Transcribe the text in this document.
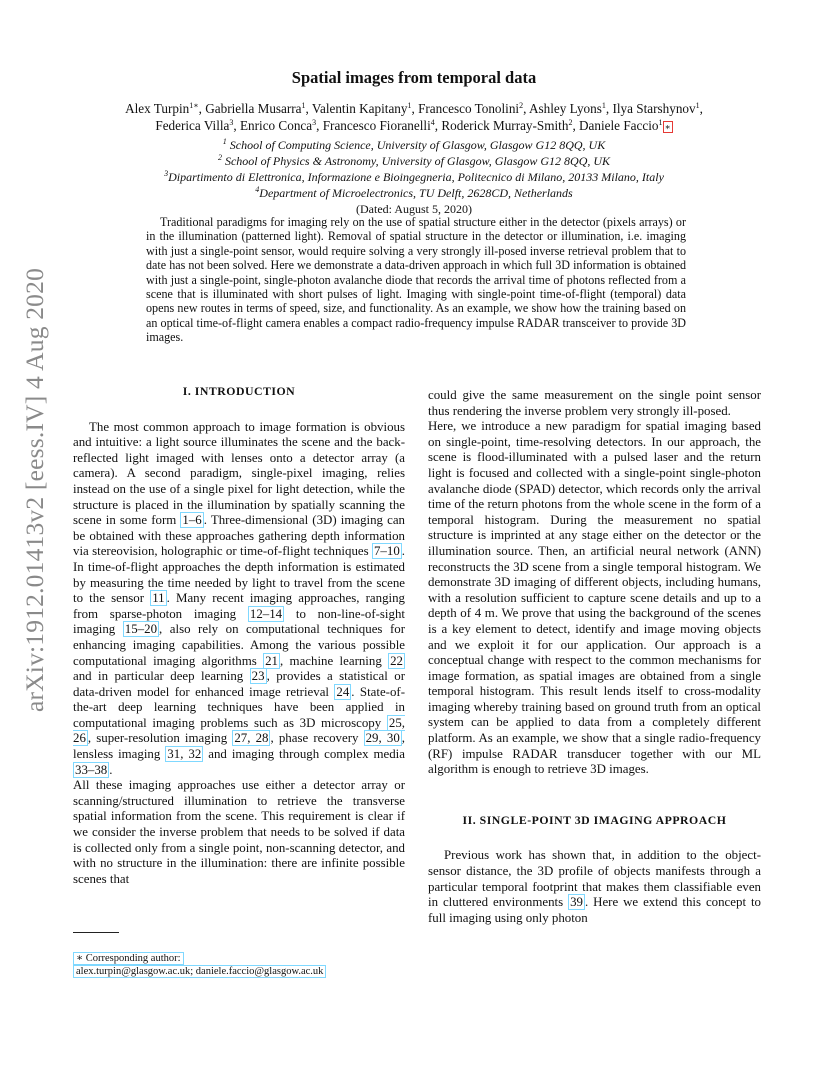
arXiv:1912.01413v2 [eess.IV] 4 Aug 2020
Spatial images from temporal data
Alex Turpin$^{1∗}$, Gabriella Musarra$^1$, Valentin Kapitany$^1$, Francesco Tonolini$^2$, Ashley Lyons$^1$, Ilya Starshynov$^1$,
Federica Villa$^3$, Enrico Conca$^3$, Francesco Fioranelli$^4$, Roderick Murray-Smith$^2$, Daniele Faccio$^1$ ∗
$^1$ School of Computing Science, University of Glasgow, Glasgow G12 8QQ, UK
$^2$ School of Physics & Astronomy, University of Glasgow, Glasgow G12 8QQ, UK
$^3$Dipartimento di Elettronica, Informazione e Bioingegneria, Politecnico di Milano, 20133 Milano, Italy
$^4$Department of Microelectronics, TU Delft, 2628CD, Netherlands
(Dated: August 5, 2020)
Traditional paradigms for imaging rely on the use of spatial structure either in the detector (pixels arrays) or in the illumination (patterned light). Removal of spatial structure in the detector or illumination, i.e. imaging with just a single-point sensor, would require solving a very strongly ill-posed inverse retrieval problem that to date has not been solved. Here we demonstrate a data-driven approach in which full 3D information is obtained with just a single-point, single-photon avalanche diode that records the arrival time of photons reflected from a scene that is illuminated with short pulses of light. Imaging with single-point time-of-flight (temporal) data opens new routes in terms of speed, size, and functionality. As an example, we show how the training based on an optical time-of-flight camera enables a compact radio-frequency impulse RADAR transceiver to provide 3D images.

I. INTRODUCTION

The most common approach to image formation is obvious and intuitive: a light source illuminates the scene and the back-reflected light imaged with lenses onto a detector array (a camera). A second paradigm, single-pixel imaging, relies instead on the use of a single pixel for light detection, while the structure is placed in the illumination by spatially scanning the scene in some form 1–6 . Three-dimensional (3D) imaging can be obtained with these approaches gathering depth information via stereovision, holographic or time-of-flight techniques 7–10 . In time-of-flight approaches the depth information is estimated by measuring the time needed by light to travel from the scene to the sensor 11 . Many recent imaging approaches, ranging from sparse-photon imaging 12–14 to non-line-of-sight imaging 15–20 , also rely on computational techniques for enhancing imaging capabilities. Among the various possible computational imaging algorithms 21 , machine learning 22 and in particular deep learning 23 , provides a statistical or data-driven model for enhanced image retrieval 24 . State-of-the-art deep learning techniques have been applied in computational imaging problems such as 3D microscopy 25, 26 , super-resolution imaging 27, 28 , phase recovery 29, 30 , lensless imaging 31, 32 and imaging through complex media 33–38 .

All these imaging approaches use either a detector array or scanning/structured illumination to retrieve the transverse spatial information from the scene. This requirement is clear if we consider the inverse problem that needs to be solved if data is collected only from a single point, non-scanning detector, and with no structure in the illumination: there are infinite possible scenes that

could give the same measurement on the single point sensor thus rendering the inverse problem very strongly ill-posed.

Here, we introduce a new paradigm for spatial imaging based on single-point, time-resolving detectors. In our approach, the scene is flood-illuminated with a pulsed laser and the return light is focused and collected with a single-point single-photon avalanche diode (SPAD) detector, which records only the arrival time of the return photons from the whole scene in the form of a temporal histogram. During the measurement no spatial structure is imprinted at any stage either on the detector or the illumination source. Then, an artificial neural network (ANN) reconstructs the 3D scene from a single temporal histogram. We demonstrate 3D imaging of different objects, including humans, with a resolution sufficient to capture scene details and up to a depth of 4 m. We prove that using the background of the scenes is a key element to detect, identify and image moving objects and we exploit it for our application. Our approach is a conceptual change with respect to the common mechanisms for image formation, as spatial images are obtained from a single temporal histogram. This result lends itself to cross-modality imaging whereby training based on ground truth from an optical system can be applied to data from a completely different platform. As an example, we show that a single radio-frequency (RF) impulse RADAR transducer together with our ML algorithm is enough to retrieve 3D images.

II. SINGLE-POINT 3D IMAGING APPROACH

Previous work has shown that, in addition to the object-sensor distance, the 3D profile of objects manifests through a particular temporal footprint that makes them classifiable even in cluttered environments 39 . Here we extend this concept to full imaging using only photon

∗ Corresponding author:
alex.turpin@glasgow.ac.uk; daniele.faccio@glasgow.ac.uk
